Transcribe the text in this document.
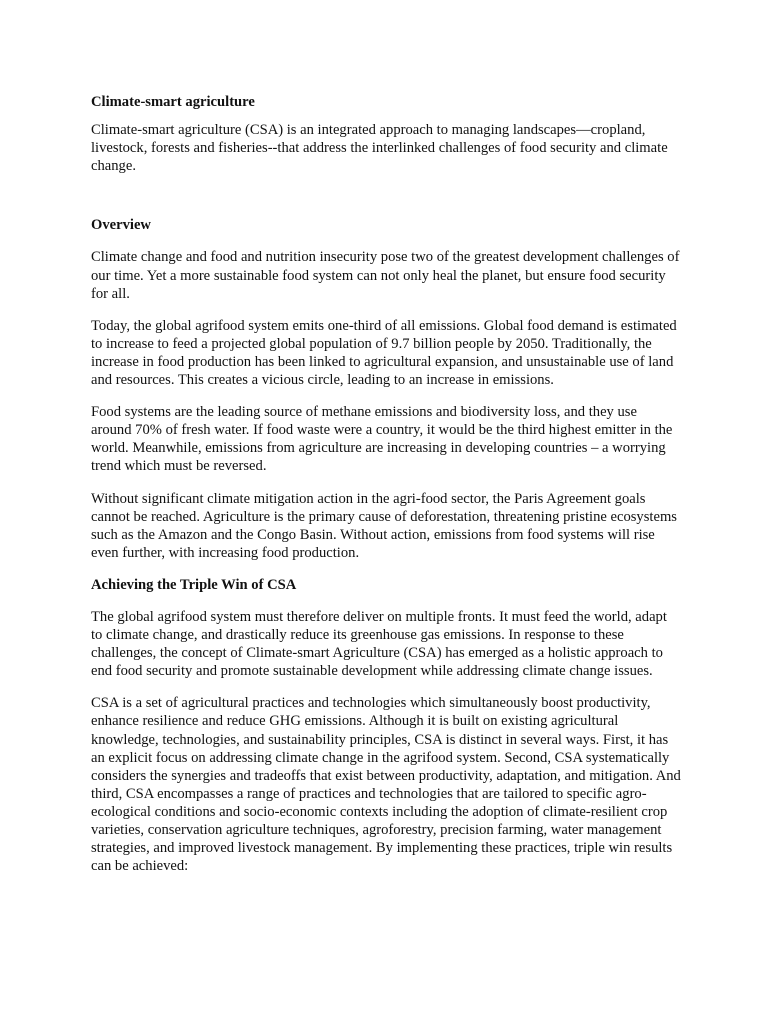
Climate-smart agriculture

Climate-smart agriculture (CSA) is an integrated approach to managing landscapes—cropland, livestock, forests and fisheries--that address the interlinked challenges of food security and climate change.

Overview

Climate change and food and nutrition insecurity pose two of the greatest development challenges of our time. Yet a more sustainable food system can not only heal the planet, but ensure food security for all.

Today, the global agrifood system emits one-third of all emissions. Global food demand is estimated to increase to feed a projected global population of 9.7 billion people by 2050. Traditionally, the increase in food production has been linked to agricultural expansion, and unsustainable use of land and resources. This creates a vicious circle, leading to an increase in emissions.

Food systems are the leading source of methane emissions and biodiversity loss, and they use around 70% of fresh water. If food waste were a country, it would be the third highest emitter in the world. Meanwhile, emissions from agriculture are increasing in developing countries – a worrying trend which must be reversed.

Without significant climate mitigation action in the agri-food sector, the Paris Agreement goals cannot be reached. Agriculture is the primary cause of deforestation, threatening pristine ecosystems such as the Amazon and the Congo Basin. Without action, emissions from food systems will rise even further, with increasing food production.

Achieving the Triple Win of CSA

The global agrifood system must therefore deliver on multiple fronts. It must feed the world, adapt to climate change, and drastically reduce its greenhouse gas emissions. In response to these challenges, the concept of Climate-smart Agriculture (CSA) has emerged as a holistic approach to end food security and promote sustainable development while addressing climate change issues.

CSA is a set of agricultural practices and technologies which simultaneously boost productivity, enhance resilience and reduce GHG emissions. Although it is built on existing agricultural knowledge, technologies, and sustainability principles, CSA is distinct in several ways. First, it has an explicit focus on addressing climate change in the agrifood system. Second, CSA systematically considers the synergies and tradeoffs that exist between productivity, adaptation, and mitigation. And third, CSA encompasses a range of practices and technologies that are tailored to specific agro-ecological conditions and socio-economic contexts including the adoption of climate-resilient crop varieties, conservation agriculture techniques, agroforestry, precision farming, water management strategies, and improved livestock management. By implementing these practices, triple win results can be achieved:
